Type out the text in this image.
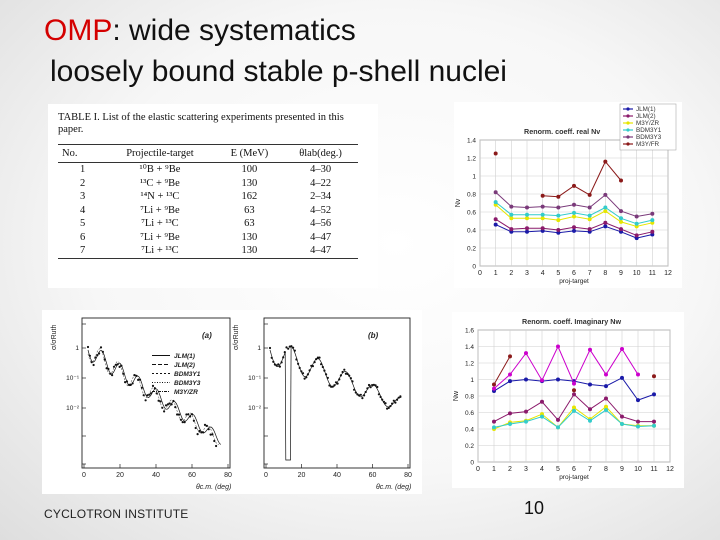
OMP: wide systematics
loosely bound stable p-shell nuclei
TABLE I. List of the elastic scattering experiments presented in this paper.
No.	Projectile-target	E (MeV)	θlab(deg.)
1	¹⁰B + ⁹Be	100	4–30
2	¹³C + ⁹Be	130	4–22
3	¹⁴N + ¹³C	162	2–34
4	⁷Li + ⁹Be	63	4–52
5	⁷Li + ¹³C	63	4–56
6	⁷Li + ⁹Be	130	4–47
7	⁷Li + ¹³C	130	4–47
1
10⁻¹
10⁻²
0	20	40	60	80
θc.m. (deg)
σ/σRuth	1
10⁻¹
10⁻²
0	20	40	60	80
θc.m. (deg)
σ/σRuth
(a)	(b)
JLM(1)
JLM(2)
BDM3Y1
BDM3Y3
M3Y/ZR
0
0.2
0.4
0.6
0.8
1
1.2
1.4
0 1 2 3 4 5 6 7 8 9 10 11 12
proj-target
Nv
Renorm. coeff. real Nv
JLM(1)
JLM(2)
M3Y/ZR
BDM3Y1
BDM3Y3
M3Y/FR
0
0.2
0.4
0.6
0.8
1
1.2
1.4
1.6
0 1 2 3 4 5 6 7 8 9 10 11 12
proj-target
Nw
Renorm. coeff. Imaginary Nw
CYCLOTRON INSTITUTE	10
